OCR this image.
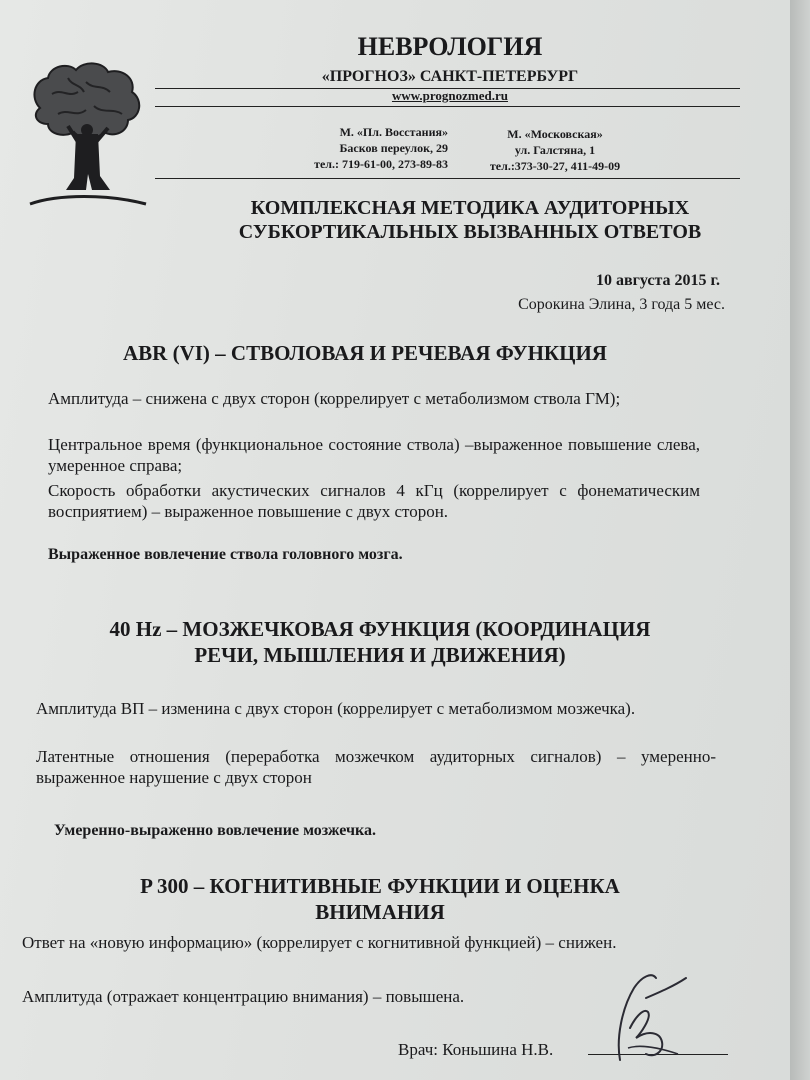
НЕВРОЛОГИЯ
«ПРОГНОЗ» САНКТ-ПЕТЕРБУРГ
www.prognozmed.ru
М. «Пл. Восстания»
Басков переулок, 29
тел.: 719-61-00, 273-89-83
М. «Московская»
ул. Галстяна, 1
тел.:373-30-27, 411-49-09
КОМПЛЕКСНАЯ МЕТОДИКА АУДИТОРНЫХ
СУБКОРТИКАЛЬНЫХ ВЫЗВАННЫХ ОТВЕТОВ
10 августа 2015 г.
Сорокина Элина, 3 года 5 мес.
ABR (VI) – СТВОЛОВАЯ И РЕЧЕВАЯ ФУНКЦИЯ
Амплитуда – снижена с двух сторон (коррелирует с метаболизмом ствола ГМ);
Центральное время (функциональное состояние ствола) –выраженное повышение слева, умеренное справа;
Скорость обработки акустических сигналов 4 кГц (коррелирует с фонематическим восприятием) – выраженное повышение с двух сторон.
Выраженное вовлечение ствола головного мозга.
40 Hz – МОЗЖЕЧКОВАЯ ФУНКЦИЯ (КООРДИНАЦИЯ
РЕЧИ, МЫШЛЕНИЯ И ДВИЖЕНИЯ)
Амплитуда ВП – изменина с двух сторон (коррелирует с метаболизмом мозжечка).
Латентные отношения (переработка мозжечком аудиторных сигналов) – умеренно-выраженное нарушение с двух сторон
Умеренно-выраженно вовлечение мозжечка.
P 300 – КОГНИТИВНЫЕ ФУНКЦИИ И ОЦЕНКА
ВНИМАНИЯ
Ответ на «новую информацию» (коррелирует с когнитивной функцией) – снижен.
Амплитуда (отражает концентрацию внимания) – повышена.
Врач: Коньшина Н.В.
